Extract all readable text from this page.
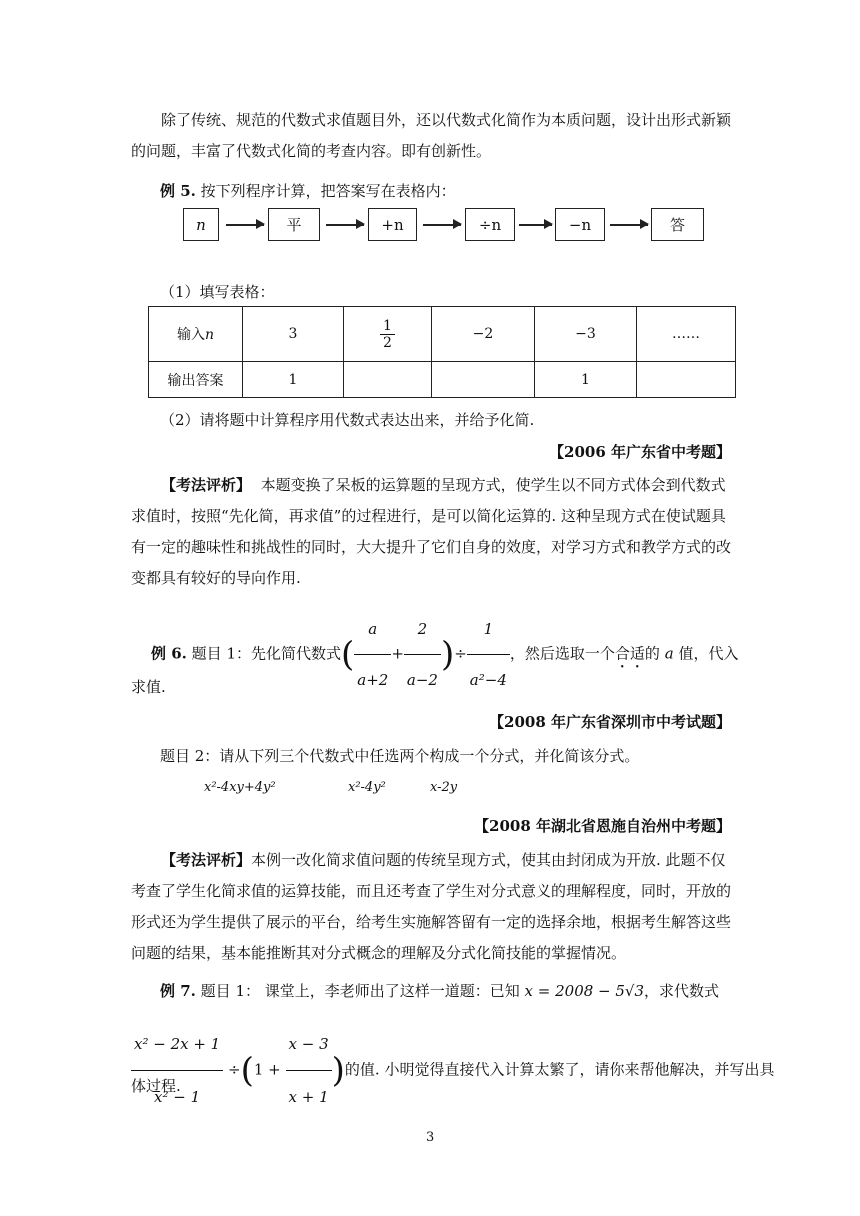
除了传统、规范的代数式求值题目外，还以代数式化简作为本质问题，设计出形式新颖的问题，丰富了代数式化简的考查内容。即有创新性。
例 5. 按下列程序计算，把答案写在表格内：
n	平	+n	÷n	−n	答
（1）填写表格：
输入n	3	$\frac{1}{2}$	−2	−3	……
输出答案	1			1	
（2）请将题中计算程序用代数式表达出来，并给予化简.
【2006 年广东省中考题】
【考法评析】 本题变换了呆板的运算题的呈现方式，使学生以不同方式体会到代数式求值时，按照“先化简，再求值”的过程进行，是可以简化运算的. 这种呈现方式在使试题具有一定的趣味性和挑战性的同时，大大提升了它们自身的效度，对学习方式和教学方式的改变都具有较好的导向作用.
例 6. 题目 1：先化简代数式( $\frac{a}{a+2} + \frac{2}{a-2}$ )÷ $\frac{1}{\text{a²−4}}$ ，然后选取一个合适的 a 值，代入
求值.
【2008 年广东省深圳市中考试题】
题目 2：请从下列三个代数式中任选两个构成一个分式，并化简该分式。
x²-4xy+4y²	x²-4y²	x-2y
【2008 年湖北省恩施自治州中考题】
【考法评析】本例一改化简求值问题的传统呈现方式，使其由封闭成为开放. 此题不仅考查了学生化简求值的运算技能，而且还考查了学生对分式意义的理解程度，同时，开放的形式还为学生提供了展示的平台，给考生实施解答留有一定的选择余地，根据考生解答这些问题的结果，基本能推断其对分式概念的理解及分式化简技能的掌握情况。
例 7. 题目 1： 课堂上，李老师出了这样一道题：已知 x = 2008 − 5√3，求代数式
$\frac{\text{x² − 2x + 1}}{\text{x² − 1}} \div(1 + \frac{x - 3}{x + 1}$ )的值. 小明觉得直接代入计算太繁了，请你来帮他解决，并写出具
体过程.
3
